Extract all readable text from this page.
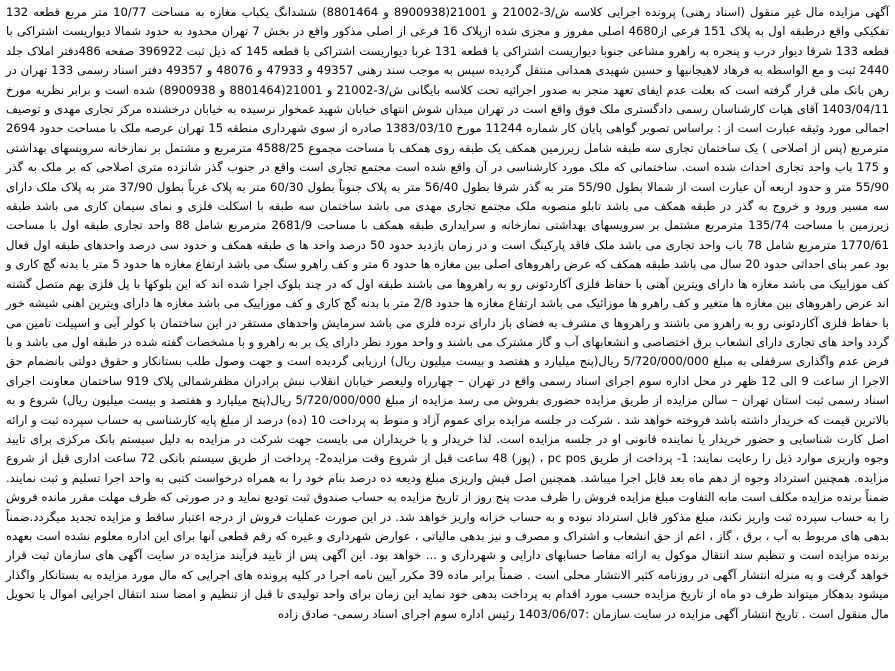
آگهی مزایده مال غیر منقول (اسناد رهنی) پرونده اجرایی کلاسه ش/3-21002 و 21001(8900938 و 8801464) ششدانگ یکباب مغازه به مساحت 10/77 متر مربع قطعه 132 تفکیکی واقع درطبقه اول به پلاک 151 فرعی از4680 اصلی مفروز و مجزی شده ازپلاک 16 فرعی از اصلی مذکور واقع در بخش 7 تهران محدود به حدود شمالا دیواریست اشتراکی با قطعه 133 شرقا دیوار درب و پنجره به راهرو مشاعی جنوبا دیواریست اشتراکی با قطعه 131 غربا دیواریست اشتراکی با قطعه 145 که ذیل ثبت 396922 صفحه 486دفتر املاک جلد 2440 ثبت و مع الواسطه به فرهاد لاهیجانیها و حسین شهیدی همدانی منتقل گردیده سپس به موجب سند رهنی 49357 و 47933 و 48076 و 49357 دفتر اسناد رسمی 133 تهران در رهن بانک ملی قرار گرفته است که بعلت عدم ایفای تعهد منجر به صدور اجرائیه تحت کلاسه بایگانی ش/3-21002 و 21001(8801464 و 8900938) شده است و برابر نظریه مورخ 1403/04/11 آقای هیات کارشناسان رسمی دادگستری ملک فوق واقع است در تهران میدان شوش انتهای خیابان شهید غمخوار نرسیده به خیابان درخشنده مرکز تجاری مهدی و توصیف اجمالی مورد وثیقه عبارت است از : براساس تصویر گواهی پایان کار شماره 11244 مورخ 1383/03/10 صادره از سوی شهرداری منطقه 15 تهران عرصه ملک با مساحت حدود 2694 مترمربع (پس از اصلاحی ) یک ساختمان تجاری سه طبقه شامل زیرزمین همکف یک طبقه روی همکف با مساحت مجموع 4588/25 مترمربع و مشتمل بر نمازخانه سرویسهای بهداشتی و 175 باب واحد تجاری احداث شده است. ساختمانی که ملک مورد کارشناسی در آن واقع شده است مجتمع تجاری است واقع در جنوب گذر شانزده متری اصلاحی که بر ملک به گذر 55/90 متر و حدود اربعه آن عبارت است از شمالا بطول 55/90 متر به گذر شرقا بطول 56/40 متر به پلاک جنوباً بطول 60/30 متر به پلاک غرباً بطول 37/90 متر به پلاک ملک دارای سه مسیر ورود و خروج به گذر در طبقه همکف می باشد تابلو منصوبه ملک مجتمع تجاری مهدی می باشد ساختمان سه طبقه با اسکلت فلزی و نمای سیمان کاری می باشد طبقه زیرزمین با مساحت 135/74 مترمربع مشتمل بر سرویسهای بهداشتی نمازخانه و سرایداری طبقه همکف با مساحت 2681/9 مترمربع شامل 88 واحد تجاری طبقه اول با مساحت 1770/61 مترمربع شامل 78 باب واحد تجاری می باشد ملک فاقد پارکینگ است و در زمان بازدید حدود 50 درصد واحد ها ی طبقه همکف و حدود سی درصد واحدهای طبقه اول فعال بود عمر بنای احداثی حدود 20 سال می باشد طبقه همکف که عرض راهروهای اصلی بین مغازه ها حدود 6 متر و کف راهرو سنگ می باشد ارتفاع مغازه ها حدود 5 متر با بدنه گچ کاری و کف موزاییک می باشد مغازه ها دارای ویترین آهنی با حفاظ فلزی آکاردئونی رو به راهروها می باشند طبقه اول که در چند بلوک اجرا شده اند که این بلوکها با پل فلزی بهم متصل گشته اند عرض راهروهای بین مغازه ها متغیر و کف راهرو ها موزائیک می باشد ارتفاع مغازه ها حدود 2/8 متر با بدنه گچ کاری و کف موزاییک می باشد مغازه ها دارای ویترین اهنی شیشه خور با حفاظ فلزی آکاردئونی رو به راهرو می باشند و راهروها ی مشرف به فضای باز دارای نرده فلزی می باشد سرمایش واحدهای مستقر در این ساختمان با کولر آبی و اسپیلت تامین می گردد واحد های تجاری دارای انشعاب برق اختصاصی و انشعابهای آب و گاز مشترک می باشند و واحد مورد نظر دارای یک بر به راهرو و با مشخصات گفته شده در طبقه اول می باشد و با فرض عدم واگذاری سرقفلی به مبلغ 5/720/000/000 ریال(پنج میلیارد و هفتصد و بیست میلیون ریال) ارزیابی گردیده است و جهت وصول طلب بستانکار و حقوق دولتی بانضمام حق الاجرا از ساعت 9 الی 12 ظهر در محل اداره سوم اجرای اسناد رسمی واقع در تهران – چهارراه ولیعصر خیابان انقلاب نبش برادران مظفرشمالی پلاک 919 ساختمان معاونت اجرای اسناد رسمی ثبت استان تهران – سالن مزایده از طریق مزایده حضوری بفروش می رسد مزایده از مبلغ 5/720/000/000 ریال(پنج میلیارد و هفتصد و بیست میلیون ریال) شروع و به بالاترین قیمت که خریدار داشته باشد فروخته خواهد شد . شرکت در جلسه مزایده برای عموم آزاد و منوط به پرداخت 10 (ده) درصد از مبلغ پایه کارشناسی به حساب سپرده ثبت و ارائه اصل کارت شناسایی و حضور خریدار یا نماینده قانونی او در جلسه مزایده است. لذا خریدار و یا خریداران می بایست جهت شرکت در مزایده به دلیل سیستم بانک مرکزی برای تایید وجوه واریزی موارد ذیل را رعایت نمایند: 1- پرداخت از طریق pc pos ، (پوز) 48 ساعت قبل از شروع وقت مزایده2- پرداخت از طریق سیستم بانکی 72 ساعت اداری قبل از شروع مزایده. همچنین استرداد وجوه از دهم ماه بعد قابل اجرا میباشد. همچنین اصل فیش واریزی مبلغ ودیعه ده درصد بنام خود را به همراه درخواست کتبی به واحد اجرا تسلیم و ثبت نمایند. ضمناً برنده مزایده مکلف است مابه التفاوت مبلغ مزایده فروش را ظرف مدت پنج روز از تاریخ مزایده به حساب صندوق ثبت تودیع نماید و در صورتی که ظرف مهلت مقرر مانده فروش را به حساب سپرده ثبت واریز نکند، مبلغ مذکور قابل استرداد نبوده و به حساب خزانه واریز خواهد شد. در این صورت عملیات فروش از درجه اعتبار ساقط و مزایده تجدید میگردد.ضمناً بدهی های مربوط به آب ، برق ، گاز ، اعم از حق انشعاب و اشتراک و مصرف و نیز بدهی مالیاتی ، عوارض شهرداری و غیره که رقم قطعی آنها برای این اداره معلوم نشده است بعهده برنده مزایده است و تنظیم سند انتقال موکول به ارائه مفاصا حسابهای دارایی و شهرداری و ... خواهد بود. این آگهی پس از تایید فرآیند مزایده در سایت آگهی های سازمان ثبت قرار خواهد گرفت و به منزله انتشار آگهی در روزنامه کثیر الانتشار محلی است . ضمناً برابر ماده 39 مکرر آیین نامه اجرا در کلیه پرونده های اجرایی که مال مورد مزایده به بستانکار واگذار میشود بدهکار میتواند ظرف دو ماه از تاریخ مزایده حسب مورد اقدام به پرداخت بدهی خود نماید این زمان برای واحد تولیدی تا قبل از تنظیم و امضا سند انتقال اجرایی اموال یا تحویل مال منقول است . تاریخ انتشار آگهی مزایده در سایت سازمان :1403/06/07 رئیس اداره سوم اجرای اسناد رسمی- صادق زاده
